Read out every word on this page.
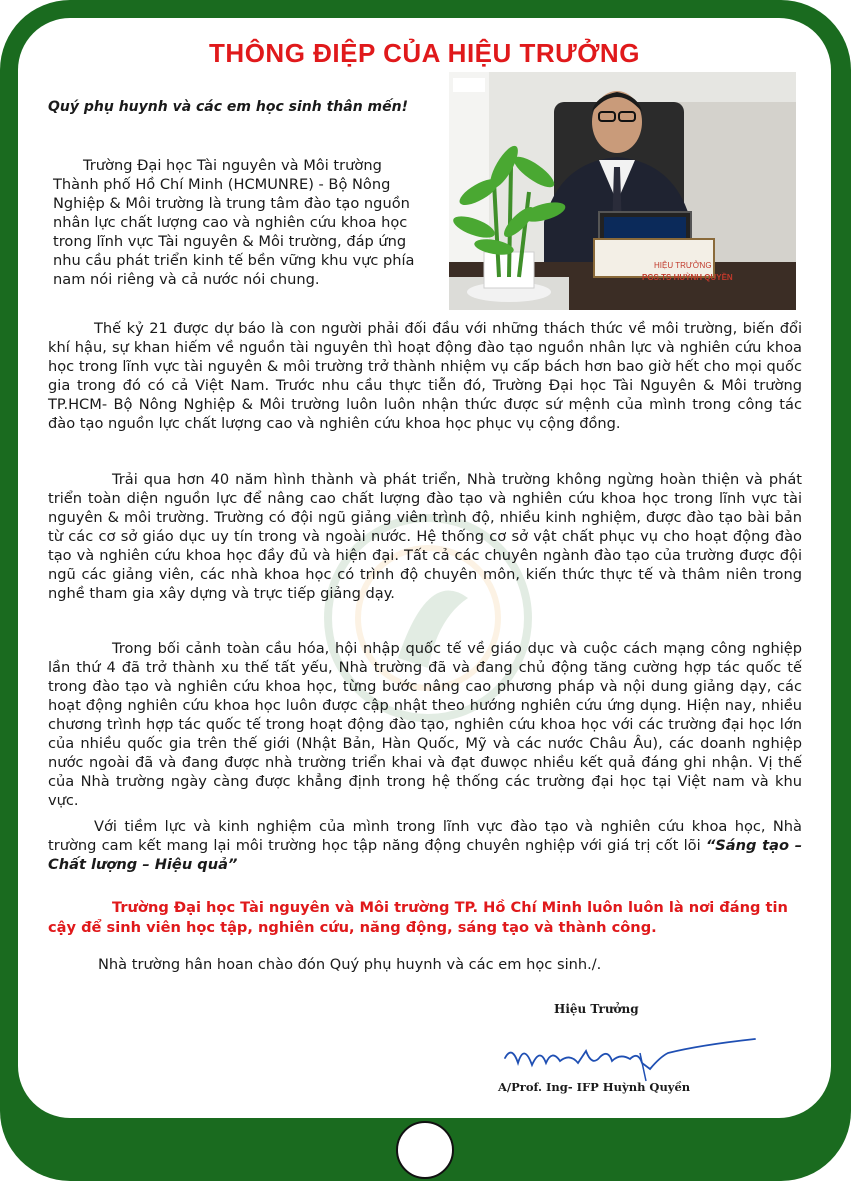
THÔNG ĐIỆP CỦA HIỆU TRƯỞNG

Quý phụ huynh và các em học sinh thân mến!

HIỆU TRƯỞNG
PGS.TS HUỲNH QUYỀN

Trường Đại học Tài nguyên và Môi trường Thành phố Hồ Chí Minh (HCMUNRE) - Bộ Nông Nghiệp & Môi trường là trung tâm đào tạo nguồn nhân lực chất lượng cao và nghiên cứu khoa học trong lĩnh vực Tài nguyên & Môi trường, đáp ứng nhu cầu phát triển kinh tế bền vững khu vực phía nam nói riêng và cả nước nói chung.

Thế kỷ 21 được dự báo là con người phải đối đầu với những thách thức về môi trường, biến đổi khí hậu, sự khan hiếm về nguồn tài nguyên thì hoạt động đào tạo nguồn nhân lực và nghiên cứu khoa học trong lĩnh vực tài nguyên & môi trường trở thành nhiệm vụ cấp bách hơn bao giờ hết cho mọi quốc gia trong đó có cả Việt Nam. Trước nhu cầu thực tiễn đó, Trường Đại học Tài Nguyên & Môi trường TP.HCM- Bộ Nông Nghiệp & Môi trường luôn luôn nhận thức được sứ mệnh của mình trong công tác đào tạo nguồn lực chất lượng cao và nghiên cứu khoa học phục vụ cộng đồng.

Trải qua hơn 40 năm hình thành và phát triển, Nhà trường không ngừng hoàn thiện và phát triển toàn diện nguồn lực để nâng cao chất lượng đào tạo và nghiên cứu khoa học trong lĩnh vực tài nguyên & môi trường. Trường có đội ngũ giảng viên trình độ, nhiều kinh nghiệm, được đào tạo bài bản từ các cơ sở giáo dục uy tín trong và ngoài nước. Hệ thống cơ sở vật chất phục vụ cho hoạt động đào tạo và nghiên cứu khoa học đầy đủ và hiện đại. Tất cả các chuyên ngành đào tạo của trường được đội ngũ các giảng viên, các nhà khoa học có trình độ chuyên môn, kiến thức thực tế và thâm niên trong nghề tham gia xây dựng và trực tiếp giảng dạy.

Trong bối cảnh toàn cầu hóa, hội nhập quốc tế về giáo dục và cuộc cách mạng công nghiệp lần thứ 4 đã trở thành xu thế tất yếu, Nhà trường đã và đang chủ động tăng cường hợp tác quốc tế trong đào tạo và nghiên cứu khoa học, từng bước nâng cao phương pháp và nội dung giảng dạy, các hoạt động nghiên cứu khoa học luôn được cập nhật theo hướng nghiên cứu ứng dụng. Hiện nay, nhiều chương trình hợp tác quốc tế trong hoạt động đào tạo, nghiên cứu khoa học với các trường đại học lớn của nhiều quốc gia trên thế giới (Nhật Bản, Hàn Quốc, Mỹ và các nước Châu Âu), các doanh nghiệp nước ngoài đã và đang được nhà trường triển khai và đạt đuwọc nhiều kết quả đáng ghi nhận. Vị thế của Nhà trường ngày càng được khẳng định trong hệ thống các trường đại học tại Việt nam và khu vực.

Với tiềm lực và kinh nghiệm của mình trong lĩnh vực đào tạo và nghiên cứu khoa học, Nhà trường cam kết mang lại môi trường học tập năng động chuyên nghiệp với giá trị cốt lõi “Sáng tạo – Chất lượng – Hiệu quả”

Trường Đại học Tài nguyên và Môi trường TP. Hồ Chí Minh luôn luôn là nơi đáng tin cậy để sinh viên học tập, nghiên cứu, năng động, sáng tạo và thành công.

Nhà trường hân hoan chào đón Quý phụ huynh và các em học sinh./.

Hiệu Trưởng

A/Prof. Ing- IFP Huỳnh Quyền
